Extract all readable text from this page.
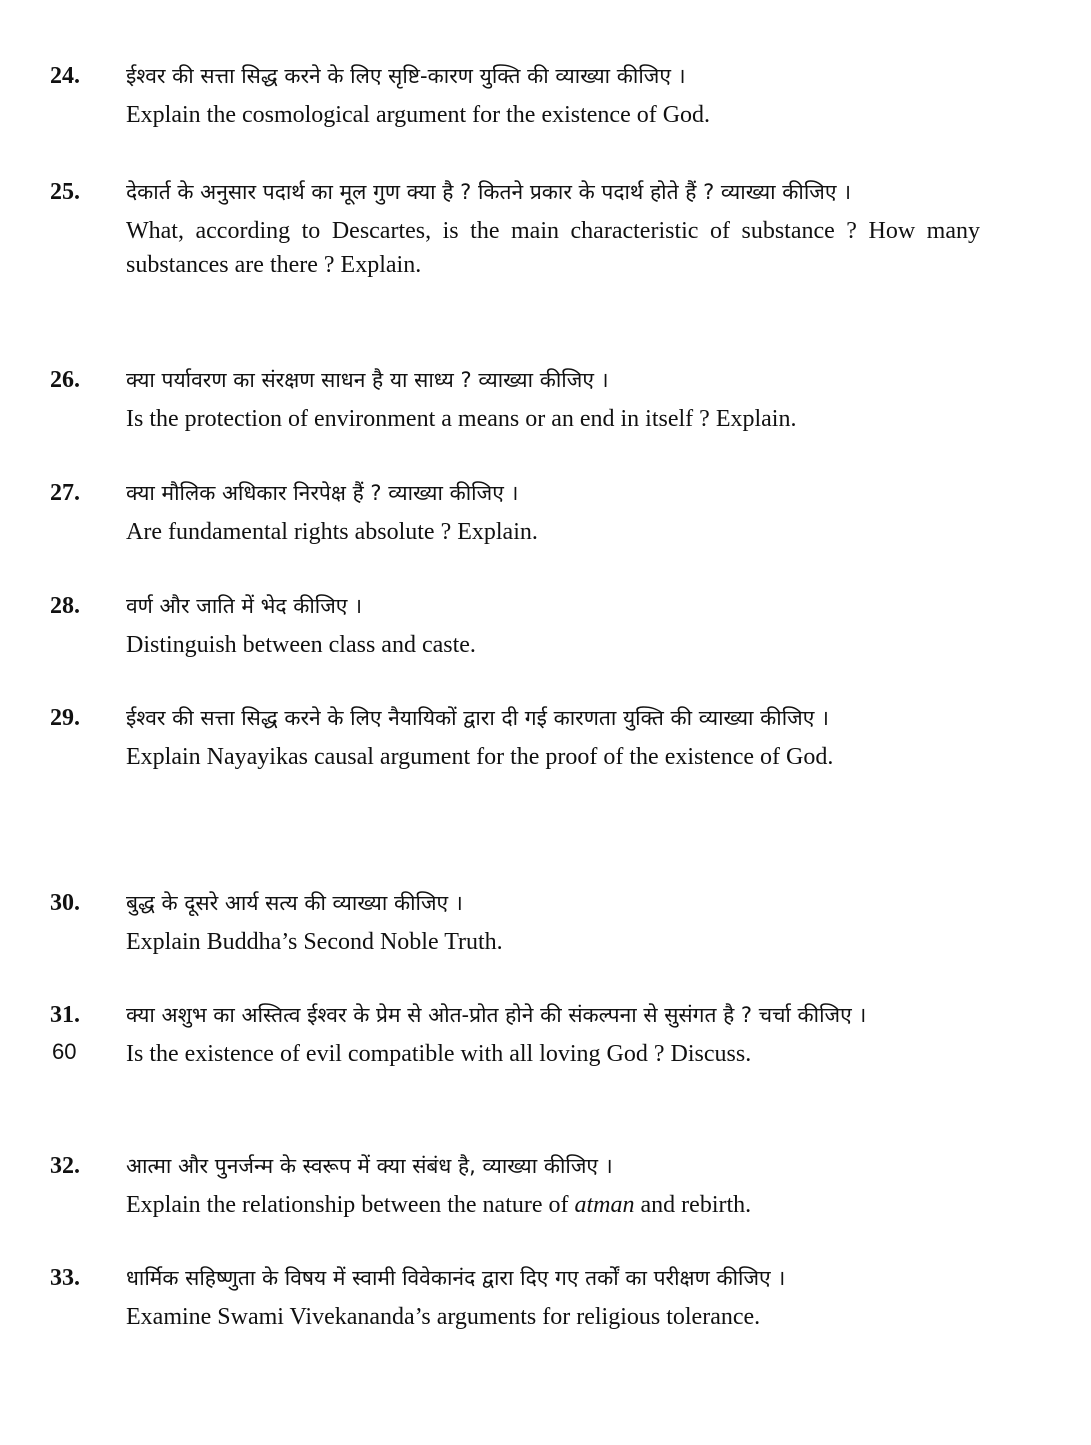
24.	ईश्वर की सत्ता सिद्ध करने के लिए सृष्टि-कारण युक्ति की व्याख्या कीजिए ।

Explain the cosmological argument for the existence of God.

25.	देकार्त के अनुसार पदार्थ का मूल गुण क्या है ? कितने प्रकार के पदार्थ होते हैं ? व्याख्या कीजिए ।

What, according to Descartes, is the main characteristic of substance ? How many substances are there ? Explain.

26.	क्या पर्यावरण का संरक्षण साधन है या साध्य ? व्याख्या कीजिए ।

Is the protection of environment a means or an end in itself ? Explain.

27.	क्या मौलिक अधिकार निरपेक्ष हैं ? व्याख्या कीजिए ।

Are fundamental rights absolute ? Explain.

28.	वर्ण और जाति में भेद कीजिए ।

Distinguish between class and caste.

29.	ईश्वर की सत्ता सिद्ध करने के लिए नैयायिकों द्वारा दी गई कारणता युक्ति की व्याख्या कीजिए ।

Explain Nayayikas causal argument for the proof of the existence of God.

30.	बुद्ध के दूसरे आर्य सत्य की व्याख्या कीजिए ।

Explain Buddha’s Second Noble Truth.

31.	क्या अशुभ का अस्तित्व ईश्वर के प्रेम से ओत-प्रोत होने की संकल्पना से सुसंगत है ? चर्चा कीजिए ।

Is the existence of evil compatible with all loving God ? Discuss.

32.	आत्मा और पुनर्जन्म के स्वरूप में क्या संबंध है, व्याख्या कीजिए ।

Explain the relationship between the nature of atman and rebirth.

33.	धार्मिक सहिष्णुता के विषय में स्वामी विवेकानंद द्वारा दिए गए तर्कों का परीक्षण कीजिए ।

Examine Swami Vivekananda’s arguments for religious tolerance.

60
